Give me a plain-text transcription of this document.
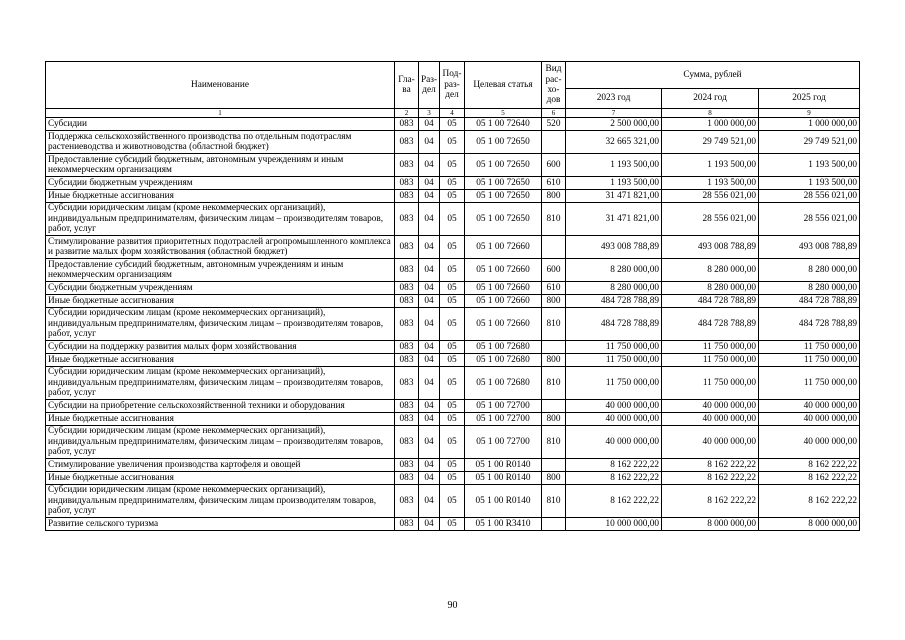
Наименование	Гла-ва	Раз-дел	Под-раз-дел	Целевая статья	Вид рас-хо-дов	Сумма, рублей		
						2023 год	2024 год	2025 год
1	2	3	4	5	6	7	8	9
Субсидии	083	04	05	05 1 00 72640	520	2 500 000,00	1 000 000,00	1 000 000,00
Поддержка сельскохозяйственного производства по отдельным подотраслям растениеводства и животноводства (областной бюджет)	083	04	05	05 1 00 72650		32 665 321,00	29 749 521,00	29 749 521,00
Предоставление субсидий бюджетным, автономным учреждениям и иным некоммерческим организациям	083	04	05	05 1 00 72650	600	1 193 500,00	1 193 500,00	1 193 500,00
Субсидии бюджетным учреждениям	083	04	05	05 1 00 72650	610	1 193 500,00	1 193 500,00	1 193 500,00
Иные бюджетные ассигнования	083	04	05	05 1 00 72650	800	31 471 821,00	28 556 021,00	28 556 021,00
Субсидии юридическим лицам (кроме некоммерческих организаций), индивидуальным предпринимателям, физическим лицам – производителям товаров, работ, услуг	083	04	05	05 1 00 72650	810	31 471 821,00	28 556 021,00	28 556 021,00
Стимулирование развития приоритетных подотраслей агропромышленного комплекса и развитие малых форм хозяйствования (областной бюджет)	083	04	05	05 1 00 72660		493 008 788,89	493 008 788,89	493 008 788,89
Предоставление субсидий бюджетным, автономным учреждениям и иным некоммерческим организациям	083	04	05	05 1 00 72660	600	8 280 000,00	8 280 000,00	8 280 000,00
Субсидии бюджетным учреждениям	083	04	05	05 1 00 72660	610	8 280 000,00	8 280 000,00	8 280 000,00
Иные бюджетные ассигнования	083	04	05	05 1 00 72660	800	484 728 788,89	484 728 788,89	484 728 788,89
Субсидии юридическим лицам (кроме некоммерческих организаций), индивидуальным предпринимателям, физическим лицам – производителям товаров, работ, услуг	083	04	05	05 1 00 72660	810	484 728 788,89	484 728 788,89	484 728 788,89
Субсидии на поддержку развития малых форм хозяйствования	083	04	05	05 1 00 72680		11 750 000,00	11 750 000,00	11 750 000,00
Иные бюджетные ассигнования	083	04	05	05 1 00 72680	800	11 750 000,00	11 750 000,00	11 750 000,00
Субсидии юридическим лицам (кроме некоммерческих организаций), индивидуальным предпринимателям, физическим лицам – производителям товаров, работ, услуг	083	04	05	05 1 00 72680	810	11 750 000,00	11 750 000,00	11 750 000,00
Субсидии на приобретение сельскохозяйственной техники и оборудования	083	04	05	05 1 00 72700		40 000 000,00	40 000 000,00	40 000 000,00
Иные бюджетные ассигнования	083	04	05	05 1 00 72700	800	40 000 000,00	40 000 000,00	40 000 000,00
Субсидии юридическим лицам (кроме некоммерческих организаций), индивидуальным предпринимателям, физическим лицам – производителям товаров, работ, услуг	083	04	05	05 1 00 72700	810	40 000 000,00	40 000 000,00	40 000 000,00
Стимулирование увеличения производства картофеля и овощей	083	04	05	05 1 00 R0140		8 162 222,22	8 162 222,22	8 162 222,22
Иные бюджетные ассигнования	083	04	05	05 1 00 R0140	800	8 162 222,22	8 162 222,22	8 162 222,22
Субсидии юридическим лицам (кроме некоммерческих организаций), индивидуальным предпринимателям, физическим лицам производителям товаров, работ, услуг	083	04	05	05 1 00 R0140	810	8 162 222,22	8 162 222,22	8 162 222,22
Развитие сельского туризма	083	04	05	05 1 00 R3410		10 000 000,00	8 000 000,00	8 000 000,00
90
